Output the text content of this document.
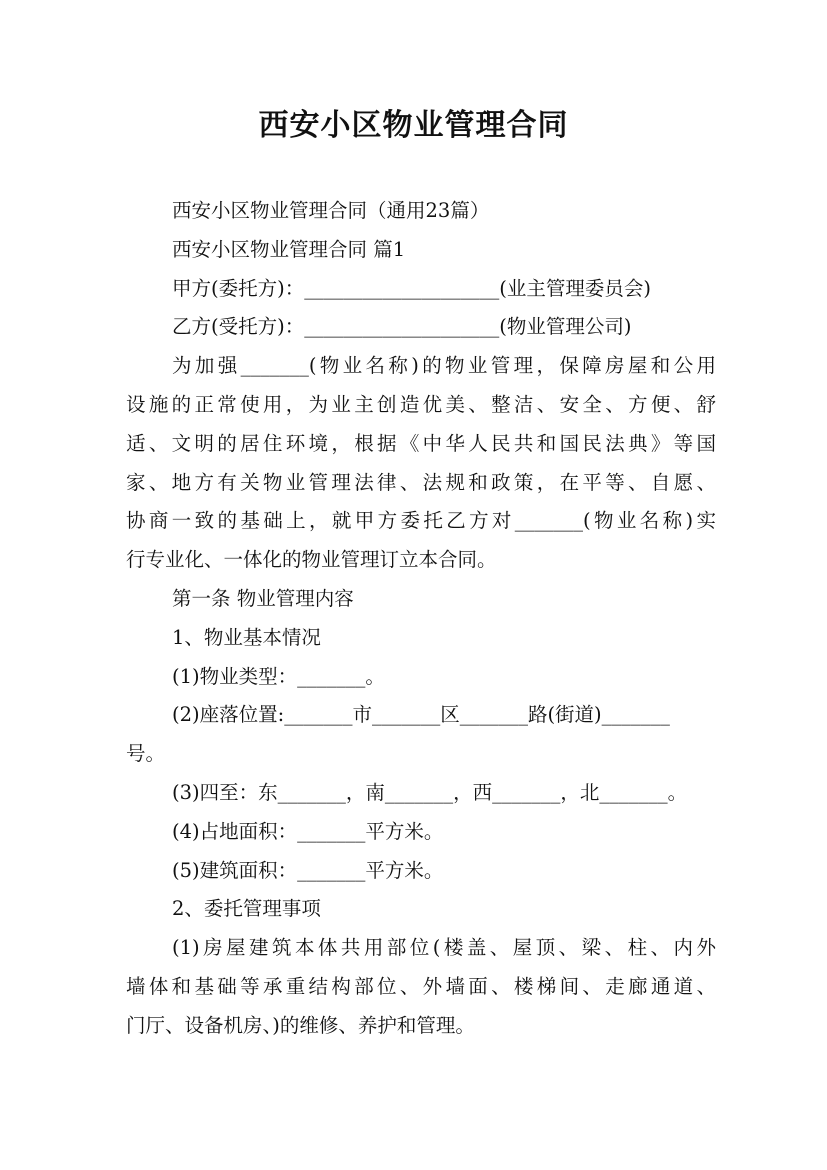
西安小区物业管理合同
西安小区物业管理合同（通用23篇）
西安小区物业管理合同 篇1
甲方(委托方)：____________________(业主管理委员会)
乙方(受托方)：____________________(物业管理公司)
为加强_______(物业名称)的物业管理，保障房屋和公用
设施的正常使用，为业主创造优美、整洁、安全、方便、舒
适、文明的居住环境，根据《中华人民共和国民法典》等国
家、地方有关物业管理法律、法规和政策，在平等、自愿、
协商一致的基础上，就甲方委托乙方对_______(物业名称)实
行专业化、一体化的物业管理订立本合同。
第一条 物业管理内容
1、物业基本情况
(1)物业类型：_______。
(2)座落位置:_______市_______区_______路(街道)_______
号。
(3)四至：东_______，南_______，西_______，北_______。
(4)占地面积：_______平方米。
(5)建筑面积：_______平方米。
2、委托管理事项
(1)房屋建筑本体共用部位(楼盖、屋顶、梁、柱、内外
墙体和基础等承重结构部位、外墙面、楼梯间、走廊通道、
门厅、设备机房、)的维修、养护和管理。
